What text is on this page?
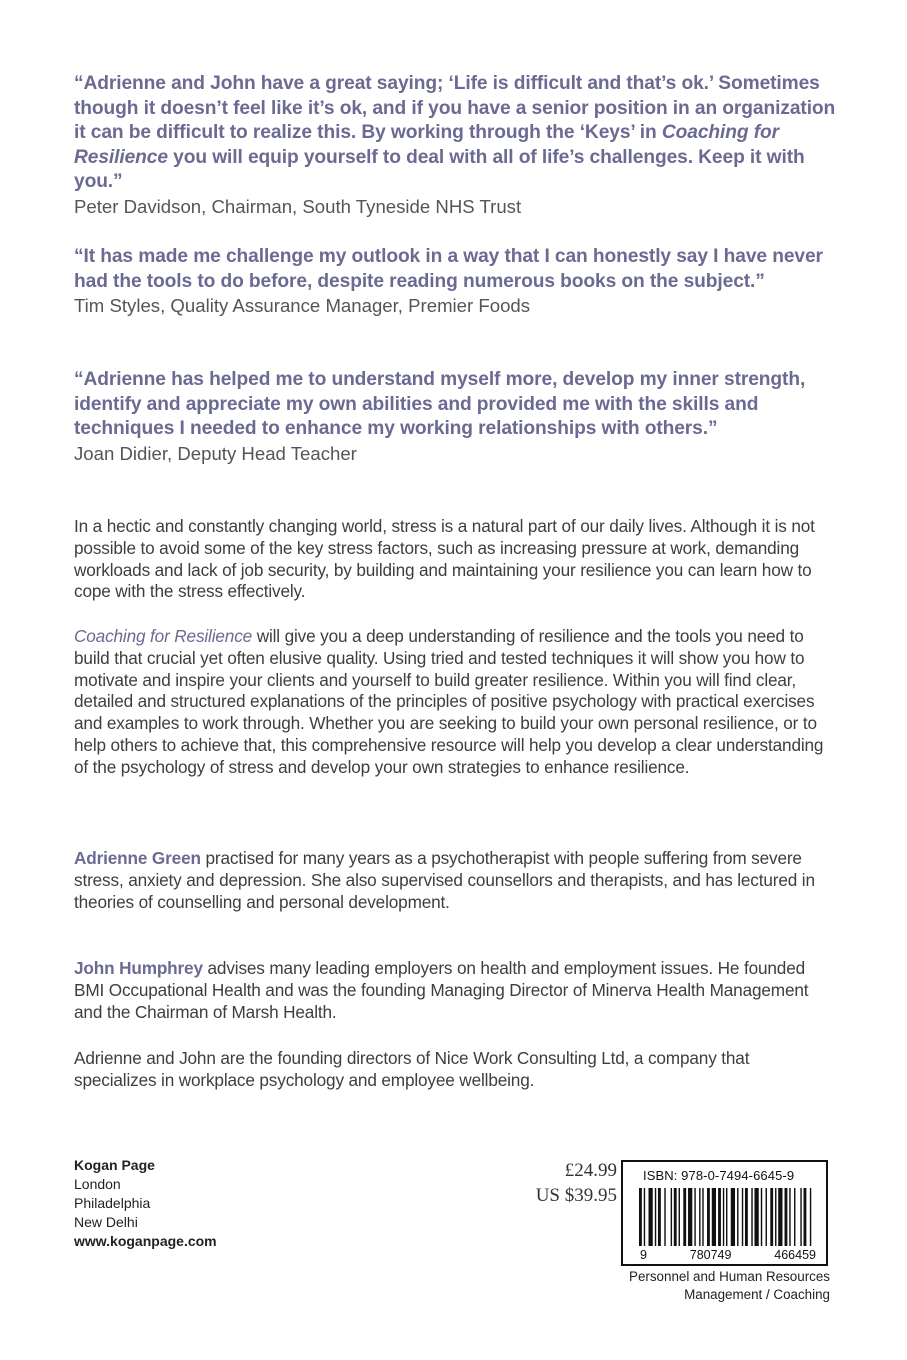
“Adrienne and John have a great saying; ‘Life is difficult and that’s ok.’ Sometimes though it doesn’t feel like it’s ok, and if you have a senior position in an organization it can be difficult to realize this. By working through the ‘Keys’ in Coaching for Resilience you will equip yourself to deal with all of life’s challenges. Keep it with you.”

Peter Davidson, Chairman, South Tyneside NHS Trust

“It has made me challenge my outlook in a way that I can honestly say I have never had the tools to do before, despite reading numerous books on the subject.”

Tim Styles, Quality Assurance Manager, Premier Foods

“Adrienne has helped me to understand myself more, develop my inner strength, identify and appreciate my own abilities and provided me with the skills and techniques I needed to enhance my working relationships with others.”

Joan Didier, Deputy Head Teacher

In a hectic and constantly changing world, stress is a natural part of our daily lives. Although it is not possible to avoid some of the key stress factors, such as increasing pressure at work, demanding workloads and lack of job security, by building and maintaining your resilience you can learn how to cope with the stress effectively.

Coaching for Resilience will give you a deep understanding of resilience and the tools you need to build that crucial yet often elusive quality. Using tried and tested techniques it will show you how to motivate and inspire your clients and yourself to build greater resilience. Within you will find clear, detailed and structured explanations of the principles of positive psychology with practical exercises and examples to work through. Whether you are seeking to build your own personal resilience, or to help others to achieve that, this comprehensive resource will help you develop a clear understanding of the psychology of stress and develop your own strategies to enhance resilience.

Adrienne Green practised for many years as a psychotherapist with people suffering from severe stress, anxiety and depression. She also supervised counsellors and therapists, and has lectured in theories of counselling and personal development.

John Humphrey advises many leading employers on health and employment issues. He founded BMI Occupational Health and was the founding Managing Director of Minerva Health Management and the Chairman of Marsh Health.

Adrienne and John are the founding directors of Nice Work Consulting Ltd, a company that specializes in workplace psychology and employee wellbeing.

Kogan Page
London
Philadelphia
New Delhi
www.koganpage.com
£24.99
US $39.95
ISBN: 978-0-7494-6645-9
9	780749	466459
Personnel and Human Resources
Management / Coaching
